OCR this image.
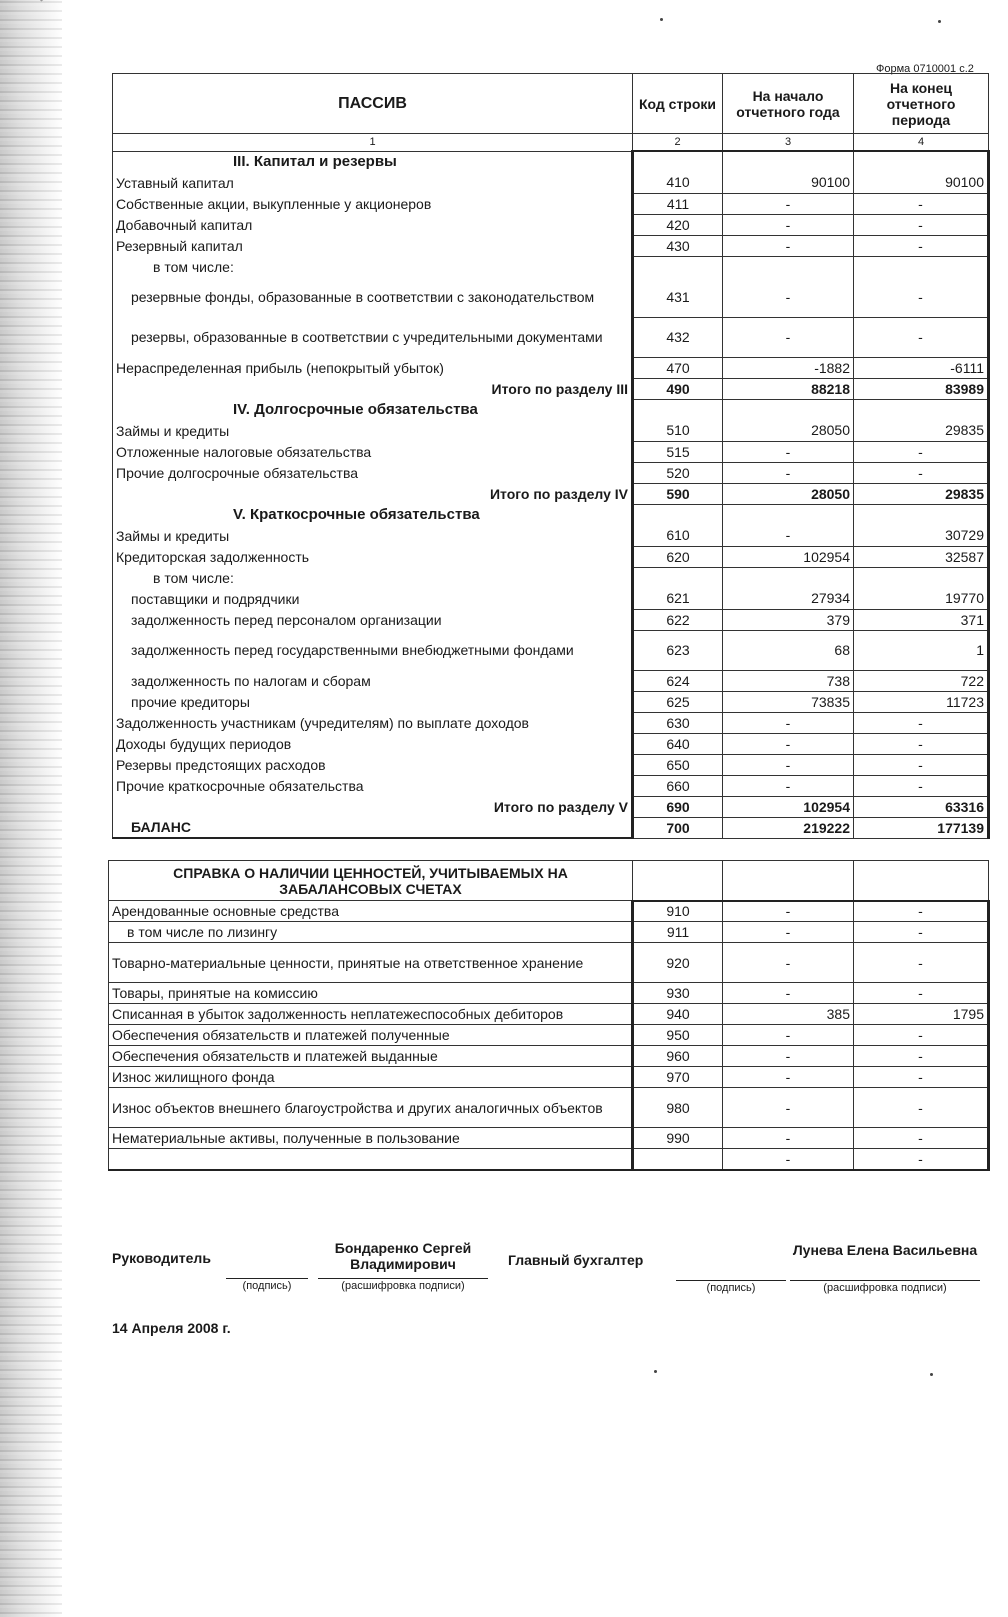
Форма 0710001 с.2
ПАССИВ	Код строки	На начало отчетного года	На конец отчетного периода
1	2	3	4
III. Капитал и резервы			
Уставный капитал	410	90100	90100
Собственные акции, выкупленные у акционеров	411	-	-
Добавочный капитал	420	-	-
Резервный капитал	430	-	-
в том числе:			
резервные фонды, образованные в соответствии с законодательством	431	-	-
резервы, образованные в соответствии с учредительными документами	432	-	-
Нераспределенная прибыль (непокрытый убыток)	470	-1882	-6111
Итого по разделу III	490	88218	83989
IV. Долгосрочные обязательства			
Займы и кредиты	510	28050	29835
Отложенные налоговые обязательства	515	-	-
Прочие долгосрочные обязательства	520	-	-
Итого по разделу IV	590	28050	29835
V. Краткосрочные обязательства			
Займы и кредиты	610	-	30729
Кредиторская задолженность	620	102954	32587
в том числе:			
поставщики и подрядчики	621	27934	19770
задолженность перед персоналом организации	622	379	371
задолженность перед государственными внебюджетными фондами	623	68	1
задолженность по налогам и сборам	624	738	722
прочие кредиторы	625	73835	11723
Задолженность участникам (учредителям) по выплате доходов	630	-	-
Доходы будущих периодов	640	-	-
Резервы предстоящих расходов	650	-	-
Прочие краткосрочные обязательства	660	-	-
Итого по разделу V	690	102954	63316
БАЛАНС	700	219222	177139
СПРАВКА О НАЛИЧИИ ЦЕННОСТЕЙ, УЧИТЫВАЕМЫХ НА ЗАБАЛАНСОВЫХ СЧЕТАХ			
Арендованные основные средства	910	-	-
в том числе по лизингу	911	-	-
Товарно-материальные ценности, принятые на ответственное хранение	920	-	-
Товары, принятые на комиссию	930	-	-
Списанная в убыток задолженность неплатежеспособных дебиторов	940	385	1795
Обеспечения обязательств и платежей полученные	950	-	-
Обеспечения обязательств и платежей выданные	960	-	-
Износ жилищного фонда	970	-	-
Износ объектов внешнего благоустройства и других аналогичных объектов	980	-	-
Нематериальные активы, полученные в пользование	990	-	-
		-	-
Руководитель
(подпись)
Бондаренко Сергей Владимирович
(расшифровка подписи)
Главный бухгалтер
(подпись)
Лунева Елена Васильевна
(расшифровка подписи)
14 Апреля 2008 г.
